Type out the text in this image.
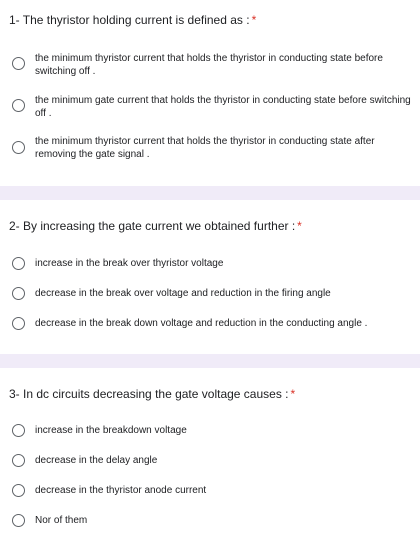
1- The thyristor holding current is defined as : *
the minimum thyristor current that holds the thyristor in conducting state before switching off .
the minimum gate current that holds the thyristor in conducting state before switching off .
the minimum thyristor current that holds the thyristor in conducting state after removing the gate signal .
2- By increasing the gate current we obtained further : *
increase in the break over thyristor voltage
decrease in the break over voltage and reduction in the firing angle
decrease in the break down voltage and reduction in the conducting angle .
3- In dc circuits decreasing the gate voltage causes : *
increase in the breakdown voltage
decrease in the delay angle
decrease in the thyristor anode current
Nor of them
